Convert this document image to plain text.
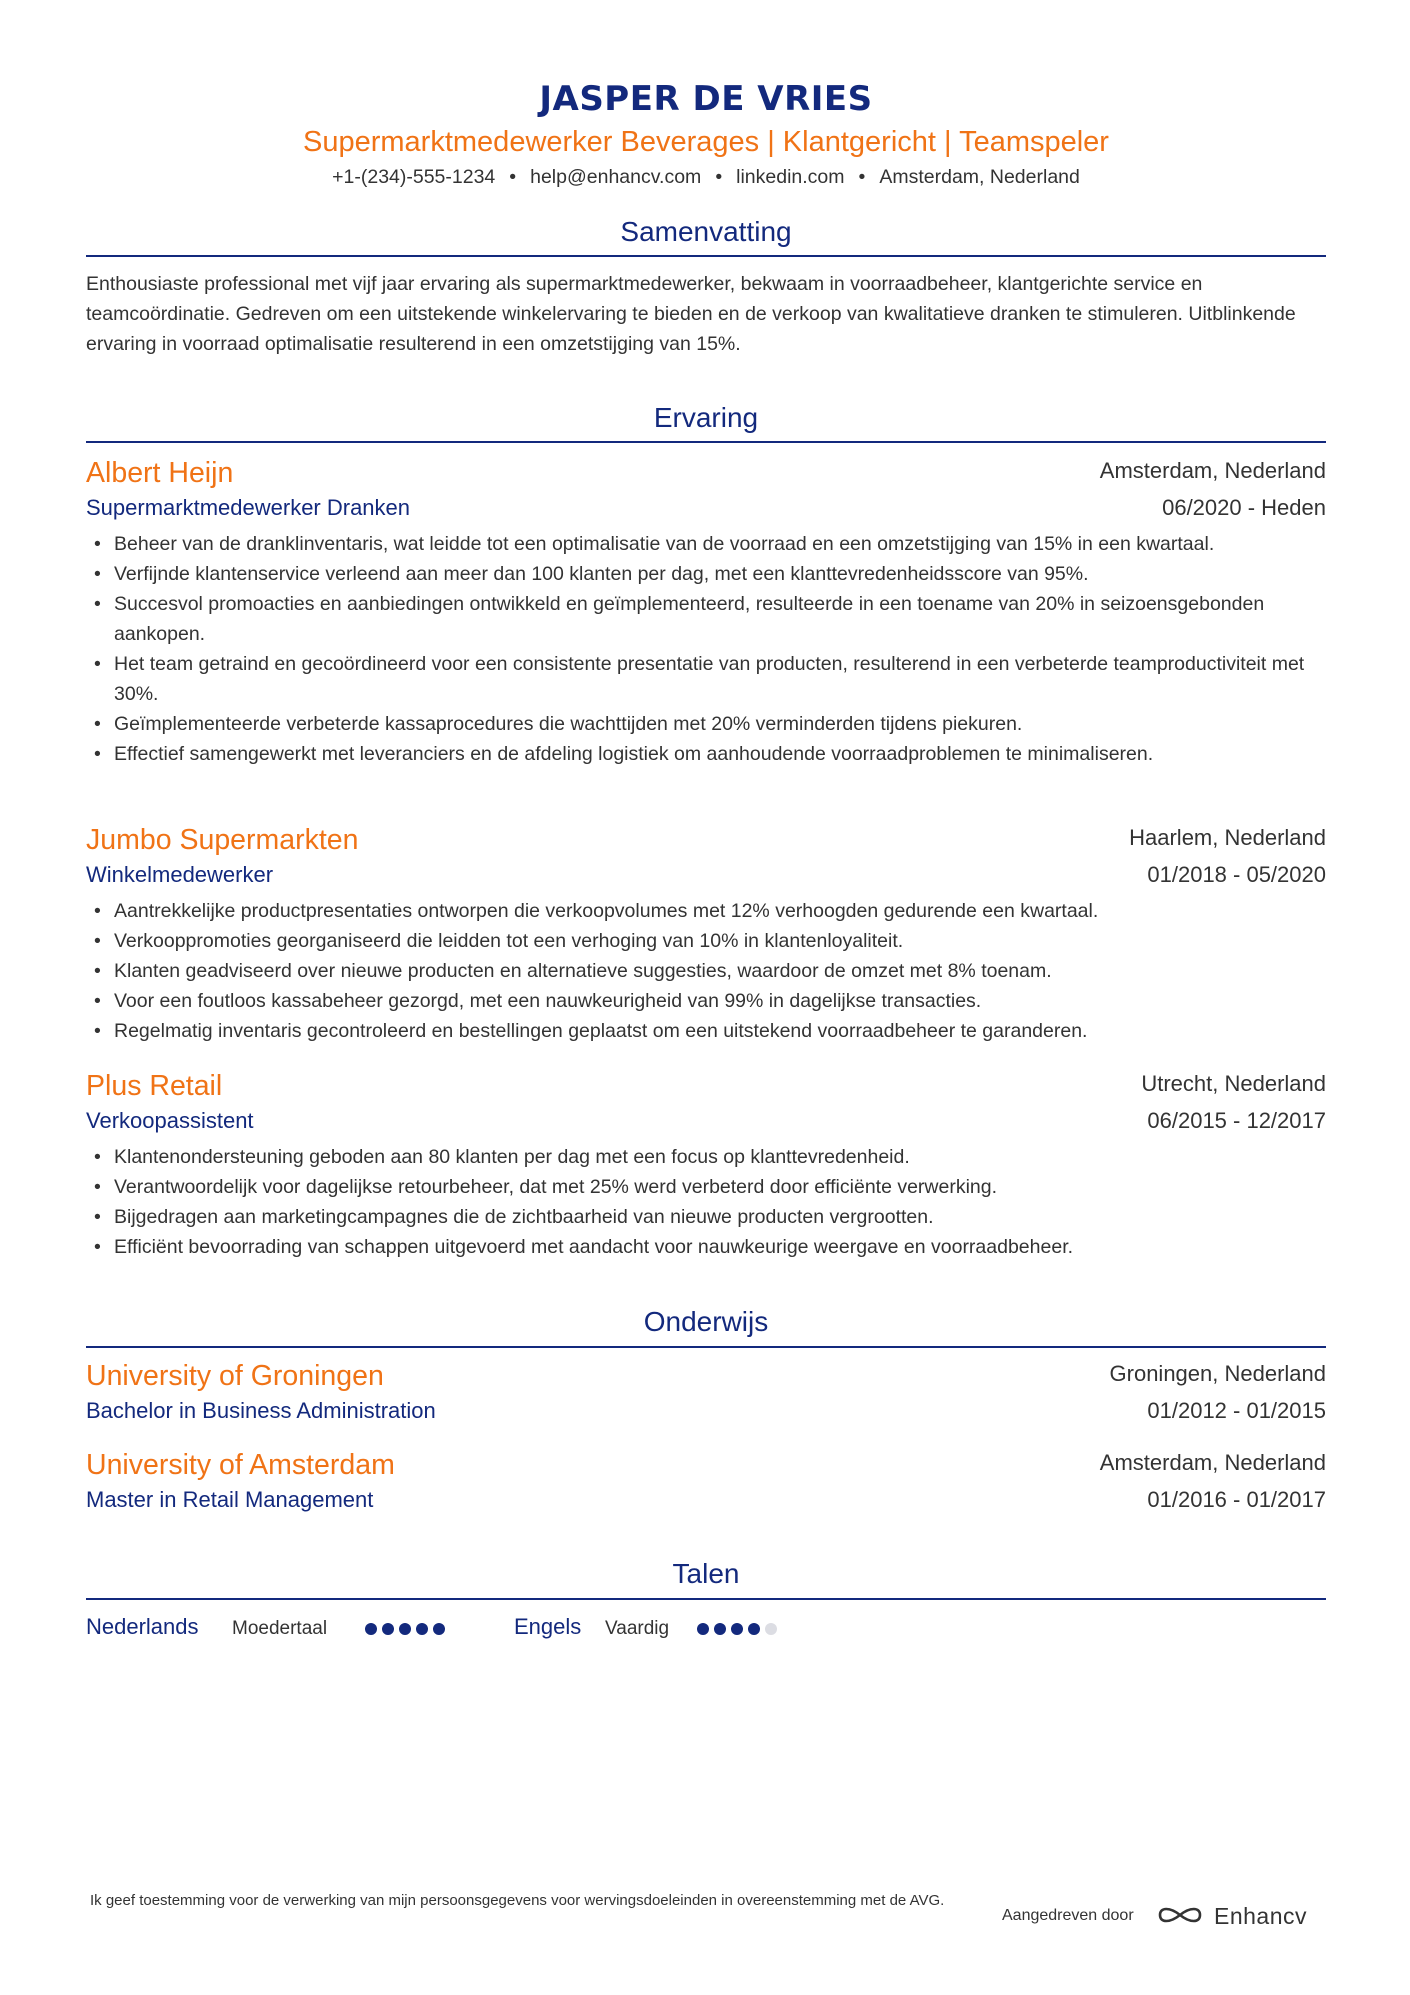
JASPER DE VRIES
Supermarktmedewerker Beverages | Klantgericht | Teamspeler
+1-(234)-555-1234 • help@enhancv.com • linkedin.com • Amsterdam, Nederland
Samenvatting
Enthousiaste professional met vijf jaar ervaring als supermarktmedewerker, bekwaam in voorraadbeheer, klantgerichte service en teamcoördinatie. Gedreven om een uitstekende winkelervaring te bieden en de verkoop van kwalitatieve dranken te stimuleren. Uitblinkende ervaring in voorraad optimalisatie resulterend in een omzetstijging van 15%.
Ervaring
Albert Heijn	Amsterdam, Nederland
Supermarktmedewerker Dranken	06/2020 - Heden
• Beheer van de dranklinventaris, wat leidde tot een optimalisatie van de voorraad en een omzetstijging van 15% in een kwartaal.
• Verfijnde klantenservice verleend aan meer dan 100 klanten per dag, met een klanttevredenheidsscore van 95%.
• Succesvol promoacties en aanbiedingen ontwikkeld en geïmplementeerd, resulteerde in een toename van 20% in seizoensgebonden aankopen.
• Het team getraind en gecoördineerd voor een consistente presentatie van producten, resulterend in een verbeterde teamproductiviteit met 30%.
• Geïmplementeerde verbeterde kassaprocedures die wachttijden met 20% verminderden tijdens piekuren.
• Effectief samengewerkt met leveranciers en de afdeling logistiek om aanhoudende voorraadproblemen te minimaliseren.
Jumbo Supermarkten	Haarlem, Nederland
Winkelmedewerker	01/2018 - 05/2020
• Aantrekkelijke productpresentaties ontworpen die verkoopvolumes met 12% verhoogden gedurende een kwartaal.
• Verkooppromoties georganiseerd die leidden tot een verhoging van 10% in klantenloyaliteit.
• Klanten geadviseerd over nieuwe producten en alternatieve suggesties, waardoor de omzet met 8% toenam.
• Voor een foutloos kassabeheer gezorgd, met een nauwkeurigheid van 99% in dagelijkse transacties.
• Regelmatig inventaris gecontroleerd en bestellingen geplaatst om een uitstekend voorraadbeheer te garanderen.
Plus Retail	Utrecht, Nederland
Verkoopassistent	06/2015 - 12/2017
• Klantenondersteuning geboden aan 80 klanten per dag met een focus op klanttevredenheid.
• Verantwoordelijk voor dagelijkse retourbeheer, dat met 25% werd verbeterd door efficiënte verwerking.
• Bijgedragen aan marketingcampagnes die de zichtbaarheid van nieuwe producten vergrootten.
• Efficiënt bevoorrading van schappen uitgevoerd met aandacht voor nauwkeurige weergave en voorraadbeheer.
Onderwijs
University of Groningen	Groningen, Nederland
Bachelor in Business Administration	01/2012 - 01/2015
University of Amsterdam	Amsterdam, Nederland
Master in Retail Management	01/2016 - 01/2017
Talen
Nederlands Moedertaal	Engels Vaardig
Ik geef toestemming voor de verwerking van mijn persoonsgegevens voor wervingsdoeleinden in overeenstemming met de AVG.
Aangedreven door	Enhancv
